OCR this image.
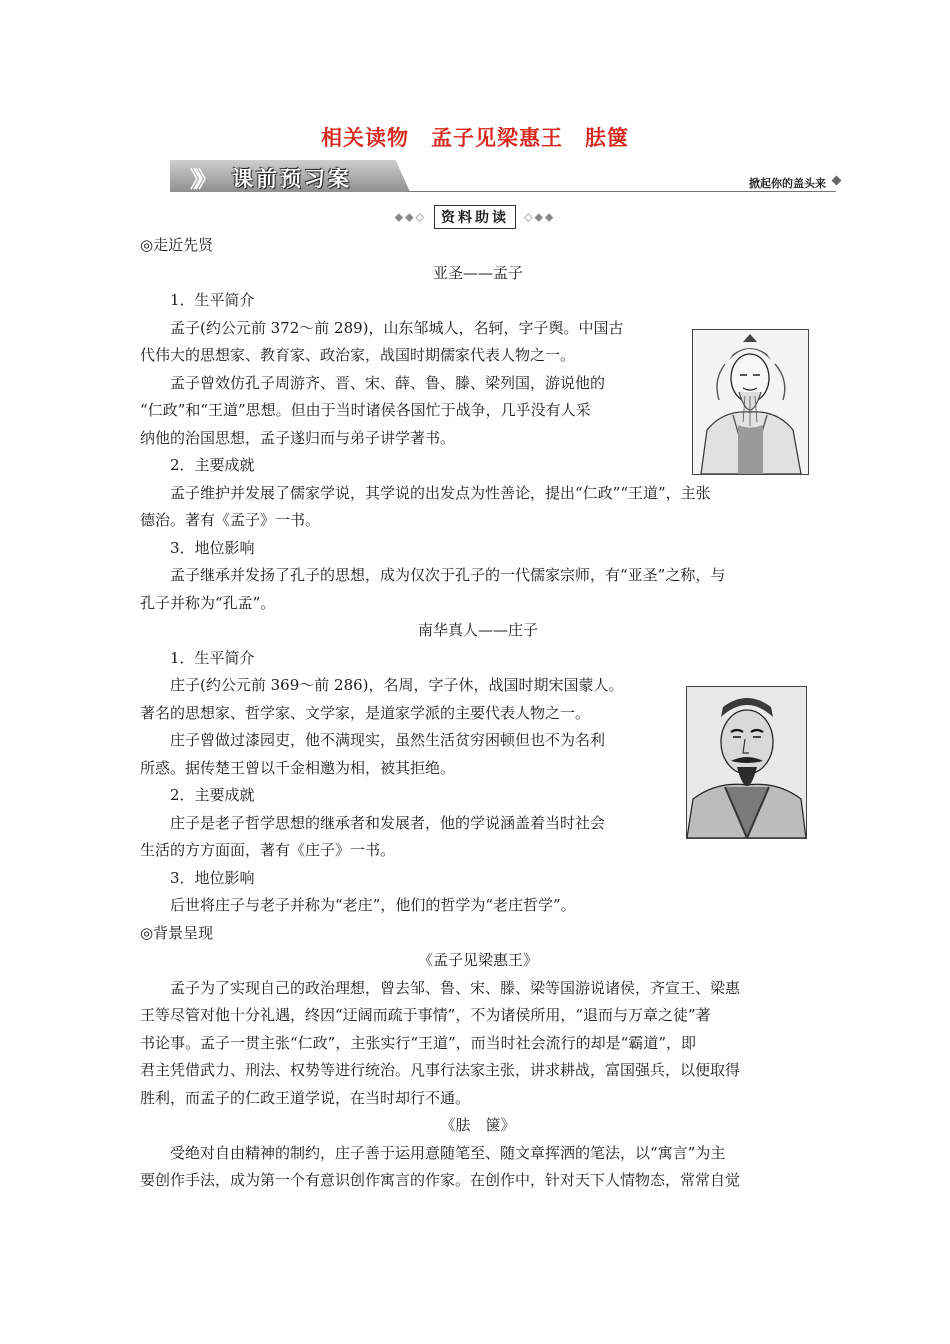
相关读物　孟子见梁惠王　胠箧
》》 课前预习案	掀起你的盖头来
◆◆◇ 资料助读 ◇◆◆

◎走近先贤

亚圣——孟子

1．生平简介

孟子(约公元前 372～前 289)，山东邹城人，名轲，字子舆。中国古

代伟大的思想家、教育家、政治家，战国时期儒家代表人物之一。

孟子曾效仿孔子周游齐、晋、宋、薛、鲁、滕、梁列国，游说他的

“仁政”和“王道”思想。但由于当时诸侯各国忙于战争，几乎没有人采

纳他的治国思想，孟子遂归而与弟子讲学著书。

2．主要成就

孟子维护并发展了儒家学说，其学说的出发点为性善论，提出“仁政”“王道”，主张

德治。著有《孟子》一书。

3．地位影响

孟子继承并发扬了孔子的思想，成为仅次于孔子的一代儒家宗师，有“亚圣”之称，与

孔子并称为“孔孟”。

南华真人——庄子

1．生平简介

庄子(约公元前 369～前 286)，名周，字子休，战国时期宋国蒙人。

著名的思想家、哲学家、文学家，是道家学派的主要代表人物之一。

庄子曾做过漆园吏，他不满现实，虽然生活贫穷困顿但也不为名利

所惑。据传楚王曾以千金相邀为相，被其拒绝。

2．主要成就

庄子是老子哲学思想的继承者和发展者，他的学说涵盖着当时社会

生活的方方面面，著有《庄子》一书。

3．地位影响

后世将庄子与老子并称为“老庄”，他们的哲学为“老庄哲学”。

◎背景呈现

《孟子见梁惠王》

孟子为了实现自己的政治理想，曾去邹、鲁、宋、滕、梁等国游说诸侯，齐宣王、梁惠

王等尽管对他十分礼遇，终因“迂阔而疏于事情”，不为诸侯所用，“退而与万章之徒”著

书论事。孟子一贯主张“仁政”，主张实行“王道”，而当时社会流行的却是“霸道”，即

君主凭借武力、刑法、权势等进行统治。凡事行法家主张，讲求耕战，富国强兵，以便取得

胜利，而孟子的仁政王道学说，在当时却行不通。

《胠　箧》

受绝对自由精神的制约，庄子善于运用意随笔至、随文章挥洒的笔法，以“寓言”为主

要创作手法，成为第一个有意识创作寓言的作家。在创作中，针对天下人情物态，常常自觉
